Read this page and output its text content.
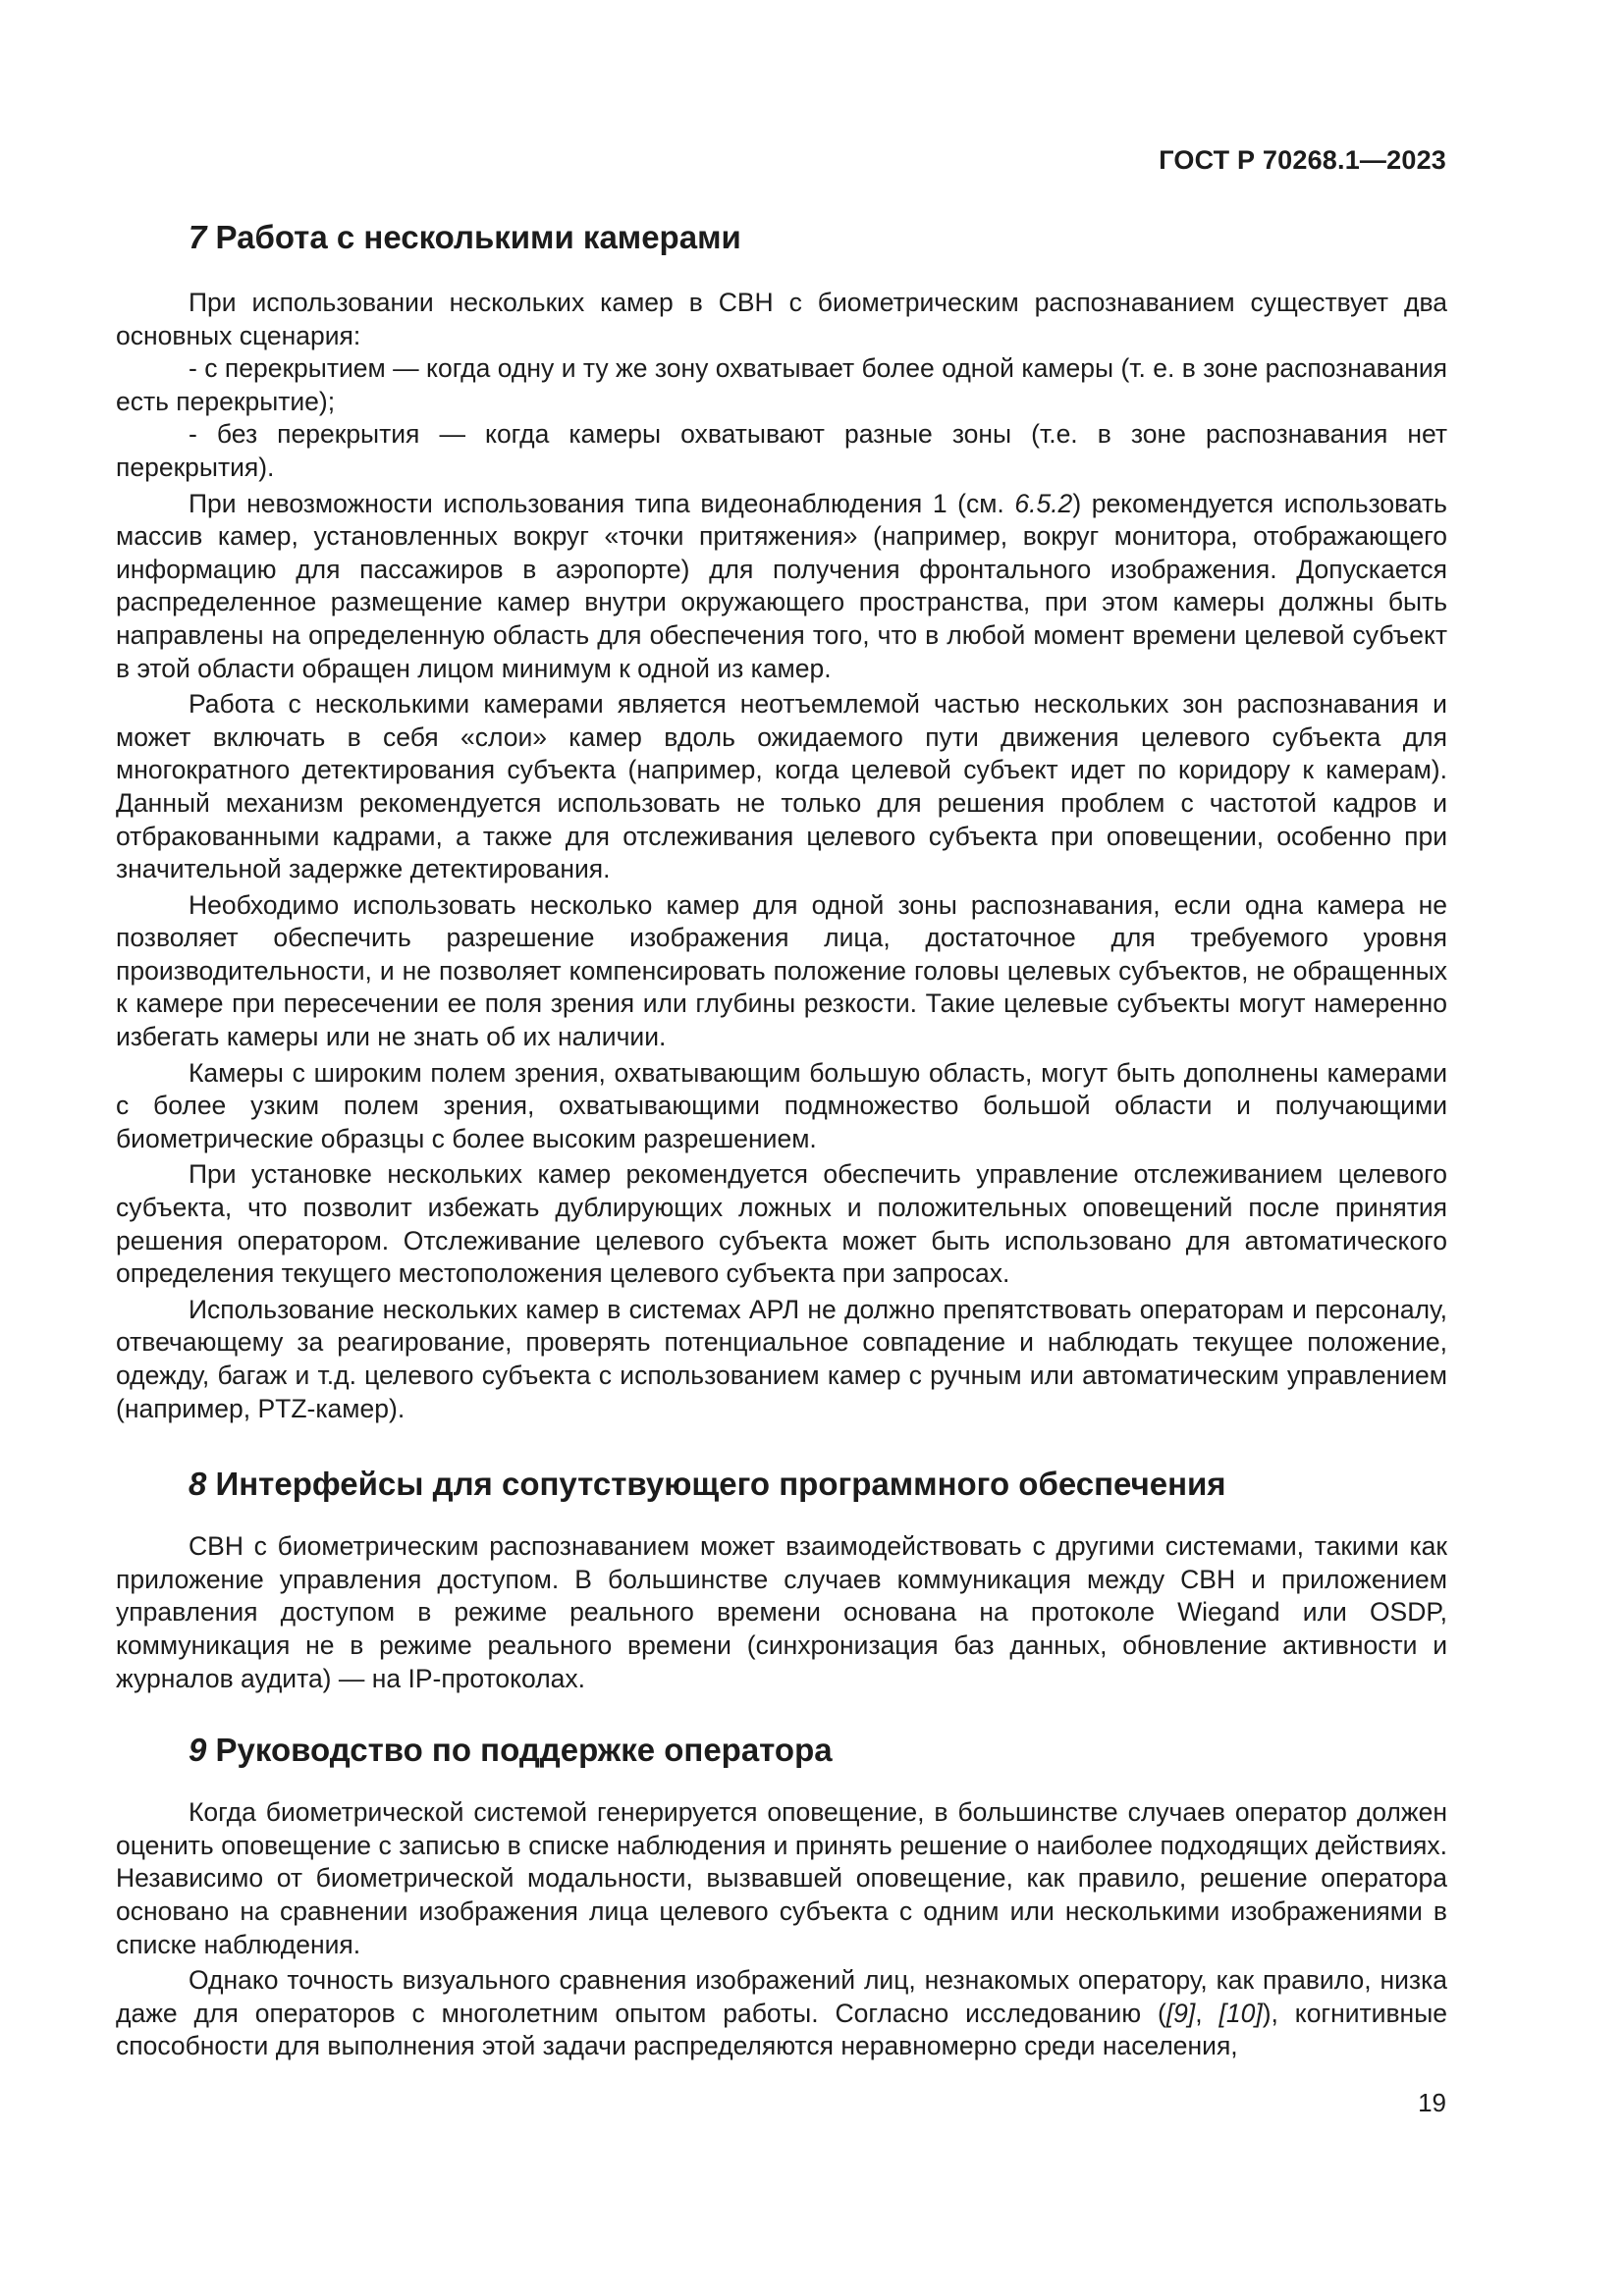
ГОСТ Р 70268.1—2023
7 Работа с несколькими камерами

При использовании нескольких камер в СВН с биометрическим распознаванием существует два основных сценария:

- с перекрытием — когда одну и ту же зону охватывает более одной камеры (т. е. в зоне распознавания есть перекрытие);

- без перекрытия — когда камеры охватывают разные зоны (т.е. в зоне распознавания нет перекрытия).

При невозможности использования типа видеонаблюдения 1 (см. 6.5.2) рекомендуется использовать массив камер, установленных вокруг «точки притяжения» (например, вокруг монитора, отображающего информацию для пассажиров в аэропорте) для получения фронтального изображения. Допускается распределенное размещение камер внутри окружающего пространства, при этом камеры должны быть направлены на определенную область для обеспечения того, что в любой момент времени целевой субъект в этой области обращен лицом минимум к одной из камер.

Работа с несколькими камерами является неотъемлемой частью нескольких зон распознавания и может включать в себя «слои» камер вдоль ожидаемого пути движения целевого субъекта для многократного детектирования субъекта (например, когда целевой субъект идет по коридору к камерам). Данный механизм рекомендуется использовать не только для решения проблем с частотой кадров и отбракованными кадрами, а также для отслеживания целевого субъекта при оповещении, особенно при значительной задержке детектирования.

Необходимо использовать несколько камер для одной зоны распознавания, если одна камера не позволяет обеспечить разрешение изображения лица, достаточное для требуемого уровня производительности, и не позволяет компенсировать положение головы целевых субъектов, не обращенных к камере при пересечении ее поля зрения или глубины резкости. Такие целевые субъекты могут намеренно избегать камеры или не знать об их наличии.

Камеры с широким полем зрения, охватывающим большую область, могут быть дополнены камерами с более узким полем зрения, охватывающими подмножество большой области и получающими биометрические образцы с более высоким разрешением.

При установке нескольких камер рекомендуется обеспечить управление отслеживанием целевого субъекта, что позволит избежать дублирующих ложных и положительных оповещений после принятия решения оператором. Отслеживание целевого субъекта может быть использовано для автоматического определения текущего местоположения целевого субъекта при запросах.

Использование нескольких камер в системах АРЛ не должно препятствовать операторам и персоналу, отвечающему за реагирование, проверять потенциальное совпадение и наблюдать текущее положение, одежду, багаж и т.д. целевого субъекта с использованием камер с ручным или автоматическим управлением (например, PTZ-камер).

8 Интерфейсы для сопутствующего программного обеспечения

СВН с биометрическим распознаванием может взаимодействовать с другими системами, такими как приложение управления доступом. В большинстве случаев коммуникация между СВН и приложением управления доступом в режиме реального времени основана на протоколе Wiegand или OSDP, коммуникация не в режиме реального времени (синхронизация баз данных, обновление активности и журналов аудита) — на IP-протоколах.

9 Руководство по поддержке оператора

Когда биометрической системой генерируется оповещение, в большинстве случаев оператор должен оценить оповещение с записью в списке наблюдения и принять решение о наиболее подходящих действиях. Независимо от биометрической модальности, вызвавшей оповещение, как правило, решение оператора основано на сравнении изображения лица целевого субъекта с одним или несколькими изображениями в списке наблюдения.

Однако точность визуального сравнения изображений лиц, незнакомых оператору, как правило, низка даже для операторов с многолетним опытом работы. Согласно исследованию ([9], [10]), когнитивные способности для выполнения этой задачи распределяются неравномерно среди населения,

19
